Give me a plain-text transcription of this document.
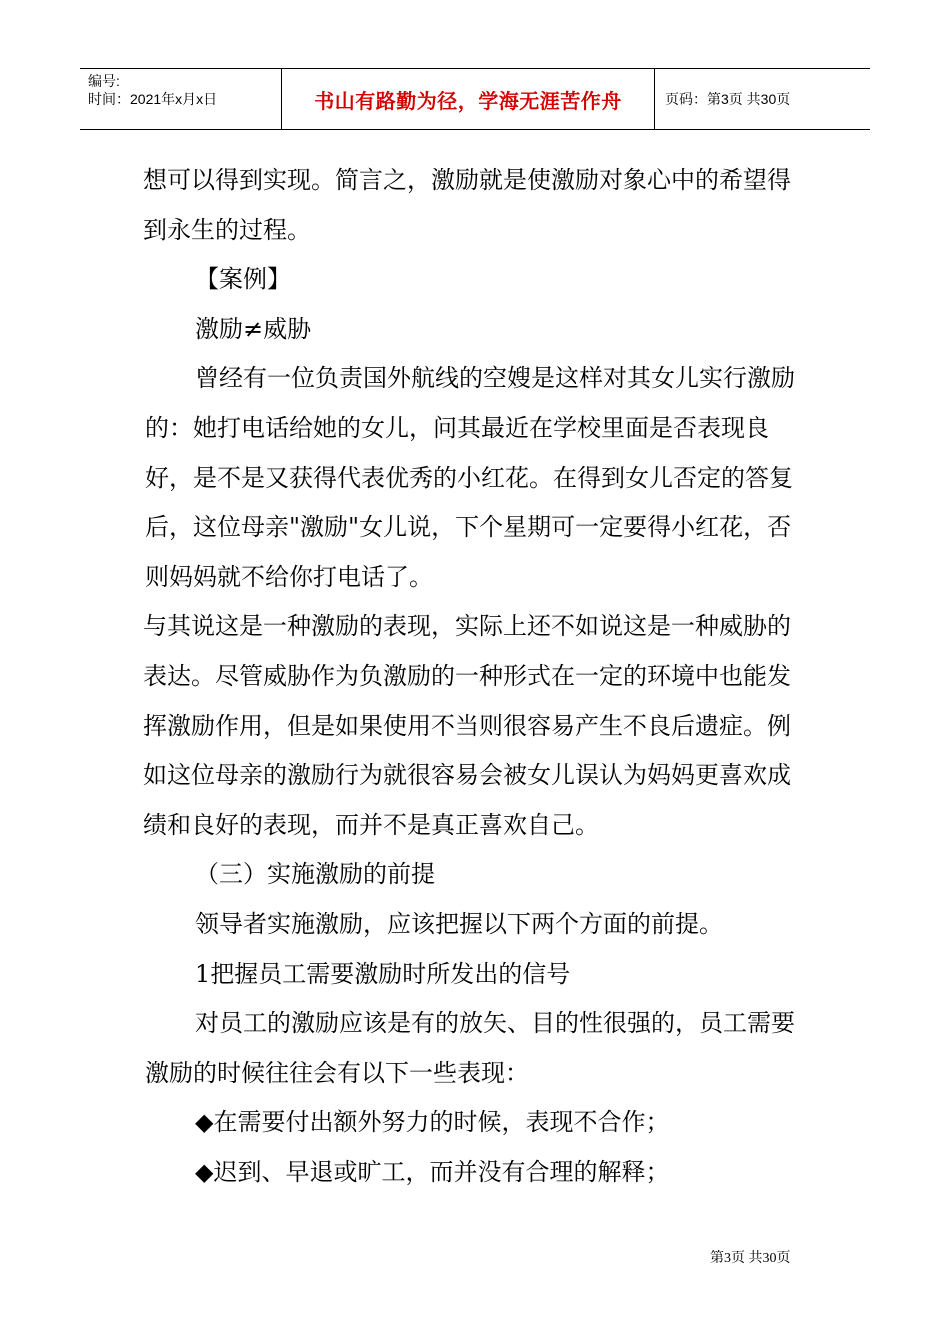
编号:
时间：2021年x月x日	书山有路勤为径，学海无涯苦作舟	页码：第3页 共30页

想可以得到实现。简言之，激励就是使激励对象心中的希望得到永生的过程。

【案例】

激励≠威胁

曾经有一位负责国外航线的空嫂是这样对其女儿实行激励的：她打电话给她的女儿，问其最近在学校里面是否表现良好，是不是又获得代表优秀的小红花。在得到女儿否定的答复后，这位母亲"激励"女儿说，下个星期可一定要得小红花，否则妈妈就不给你打电话了。

与其说这是一种激励的表现，实际上还不如说这是一种威胁的表达。尽管威胁作为负激励的一种形式在一定的环境中也能发挥激励作用，但是如果使用不当则很容易产生不良后遗症。例如这位母亲的激励行为就很容易会被女儿误认为妈妈更喜欢成绩和良好的表现，而并不是真正喜欢自己。

（三）实施激励的前提

领导者实施激励，应该把握以下两个方面的前提。

1把握员工需要激励时所发出的信号

对员工的激励应该是有的放矢、目的性很强的，员工需要激励的时候往往会有以下一些表现：

◆在需要付出额外努力的时候，表现不合作；

◆迟到、早退或旷工，而并没有合理的解释；

第3页 共30页
